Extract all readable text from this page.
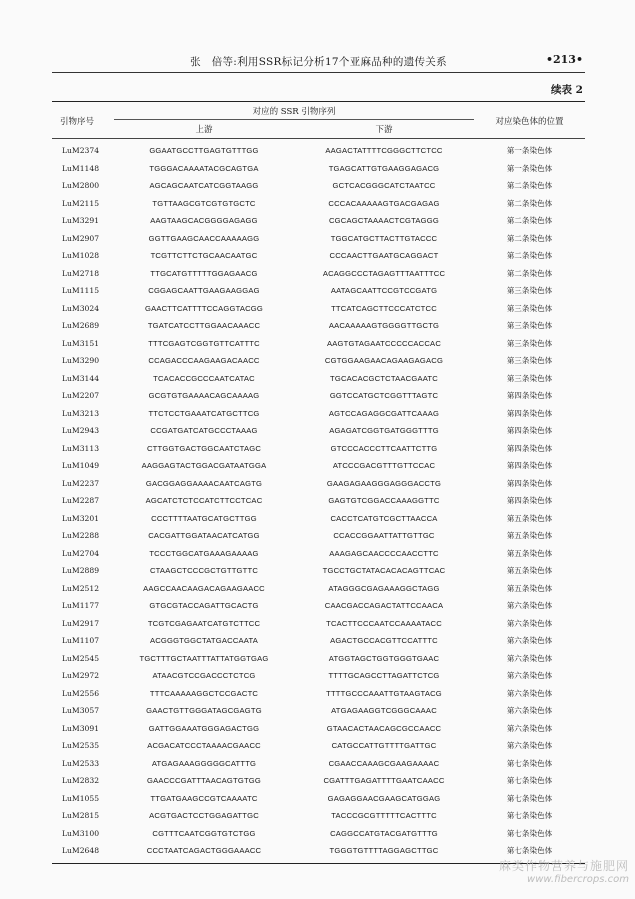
张　倍等:利用SSR标记分析17个亚麻品种的遗传关系	•213•
续表 2
引物序号
对应的 SSR 引物序列
上游	下游
对应染色体的位置
LuM2374	GGAATGCCTTGAGTGTTTGG	AAGACTATTTTCGGGCTTCTCC	第一条染色体
LuM1148	TGGGACAAAATACGCAGTGA	TGAGCATTGTGAAGGAGACG	第一条染色体
LuM2800	AGCAGCAATCATCGGTAAGG	GCTCACGGGCATCTAATCC	第二条染色体
LuM2115	TGTTAAGCGTCGTGTGCTC	CCCACAAAAAGTGACGAGAG	第二条染色体
LuM3291	AAGTAAGCACGGGGAGAGG	CGCAGCTAAAACTCGTAGGG	第二条染色体
LuM2907	GGTTGAAGCAACCAAAAAGG	TGGCATGCTTACTTGTACCC	第二条染色体
LuM1028	TCGTTCTTCTGCAACAATGC	CCCAACTTGAATGCAGGACT	第二条染色体
LuM2718	TTGCATGTTTTTGGAGAACG	ACAGGCCCTAGAGTTTAATTTCC	第二条染色体
LuM1115	CGGAGCAATTGAAGAAGGAG	AATAGCAATTCCGTCCGATG	第三条染色体
LuM3024	GAACTTCATTTTCCAGGTACGG	TTCATCAGCTTCCCATCTCC	第三条染色体
LuM2689	TGATCATCCTTGGAACAAACC	AACAAAAAGTGGGGTTGCTG	第三条染色体
LuM3151	TTTCGAGTCGGTGTTCATTTC	AAGTGTAGAATCCCCCACCAC	第三条染色体
LuM3290	CCAGACCCAAGAAGACAACC	CGTGGAAGAACAGAAGAGACG	第三条染色体
LuM3144	TCACACCGCCCAATCATAC	TGCACACGCTCTAACGAATC	第三条染色体
LuM2207	GCGTGTGAAAACAGCAAAAG	GGTCCATGCTCGGTTTAGTC	第四条染色体
LuM3213	TTCTCCTGAAATCATGCTTCG	AGTCCAGAGGCGATTCAAAG	第四条染色体
LuM2943	CCGATGATCATGCCCTAAAG	AGAGATCGGTGATGGGTTTG	第四条染色体
LuM3113	CTTGGTGACTGGCAATCTAGC	GTCCCACCCTTCAATTCTTG	第四条染色体
LuM1049	AAGGAGTACTGGACGATAATGGA	ATCCCGACGTTTGTTCCAC	第四条染色体
LuM2237	GACGGAGGAAAACAATCAGTG	GAAGAGAAGGGAGGGACCTG	第四条染色体
LuM2287	AGCATCTCTCCATCTTCCTCAC	GAGTGTCGGACCAAAGGTTC	第四条染色体
LuM3201	CCCTTTTAATGCATGCTTGG	CACCTCATGTCGCTTAACCA	第五条染色体
LuM2288	CACGATTGGATAACATCATGG	CCACCGGAATTATTGTTGC	第五条染色体
LuM2704	TCCCTGGCATGAAAGAAAAG	AAAGAGCAACCCCAACCTTC	第五条染色体
LuM2889	CTAAGCTCCCGCTGTTGTTC	TGCCTGCTATACACACAGTTCAC	第五条染色体
LuM2512	AAGCCAACAAGACAGAAGAACC	ATAGGGCGAGAAAGGCTAGG	第五条染色体
LuM1177	GTGCGTACCAGATTGCACTG	CAACGACCAGACTATTCCAACA	第六条染色体
LuM2917	TCGTCGAGAATCATGTCTTCC	TCACTTCCCAATCCAAAATACC	第六条染色体
LuM1107	ACGGGTGGCTATGACCAATA	AGACTGCCACGTTCCATTTC	第六条染色体
LuM2545	TGCTTTGCTAATTTATTATGGTGAG	ATGGTAGCTGGTGGGTGAAC	第六条染色体
LuM2972	ATAACGTCCGACCCTCTCG	TTTTGCAGCCTTAGATTCTCG	第六条染色体
LuM2556	TTTCAAAAAGGCTCCGACTC	TTTTGCCCAAATTGTAAGTACG	第六条染色体
LuM3057	GAACTGTTGGGATAGCGAGTG	ATGAGAAGGTCGGGCAAAC	第六条染色体
LuM3091	GATTGGAAATGGGAGACTGG	GTAACACTAACAGCGCCAACC	第六条染色体
LuM2535	ACGACATCCCTAAAACGAACC	CATGCCATTGTTTTGATTGC	第六条染色体
LuM2533	ATGAGAAAGGGGGCATTTG	CGAACCAAAGCGAAGAAAAC	第七条染色体
LuM2832	GAACCCGATTTAACAGTGTGG	CGATTTGAGATTTTGAATCAACC	第七条染色体
LuM1055	TTGATGAAGCCGTCAAAATC	GAGAGGAACGAAGCATGGAG	第七条染色体
LuM2815	ACGTGACTCCTGGAGATTGC	TACCCGCGTTTTTCACTTTC	第七条染色体
LuM3100	CGTTTCAATCGGTGTCTGG	CAGGCCATGTACGATGTTTG	第七条染色体
LuM2648	CCCTAATCAGACTGGGAAACC	TGGGTGTTTTAGGAGCTTGC	第七条染色体
麻类作物营养与施肥网
www.fibercrops.com
